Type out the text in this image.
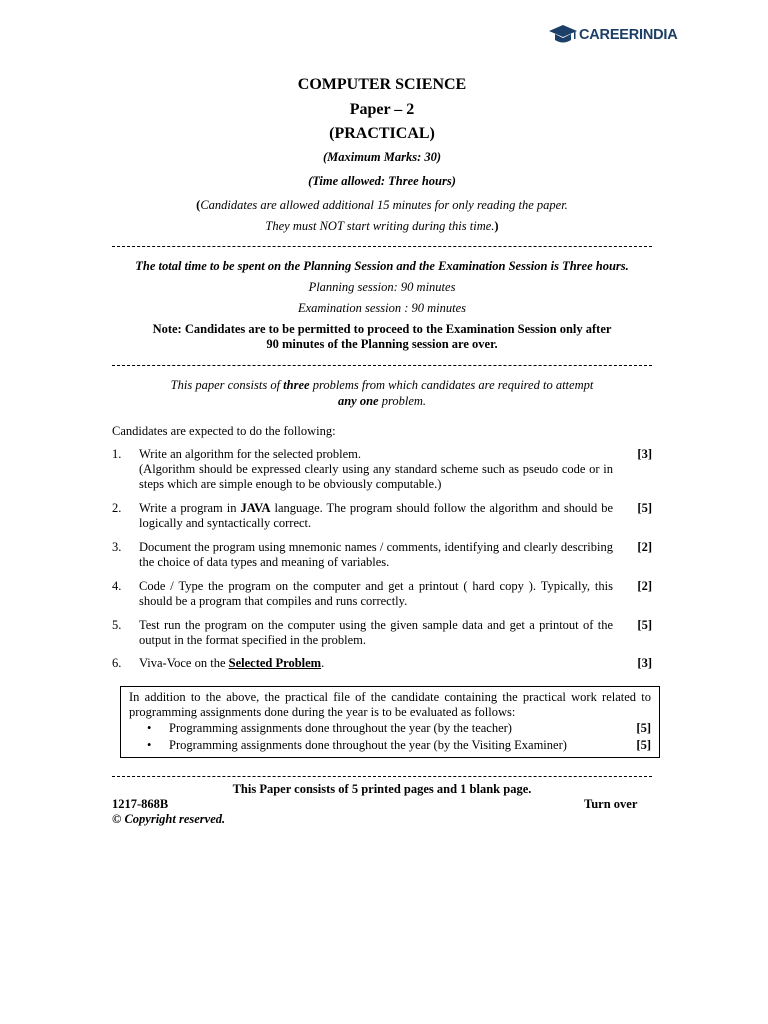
CAREERINDIA
COMPUTER SCIENCE
Paper – 2
(PRACTICAL)
(Maximum Marks: 30)
(Time allowed: Three hours)
(Candidates are allowed additional 15 minutes for only reading the paper.
They must NOT start writing during this time.)
The total time to be spent on the Planning Session and the Examination Session is Three hours.
Planning session: 90 minutes
Examination session : 90 minutes
Note: Candidates are to be permitted to proceed to the Examination Session only after
90 minutes of the Planning session are over.
This paper consists of three problems from which candidates are required to attempt
any one problem.
Candidates are expected to do the following:
1. Write an algorithm for the selected problem.
(Algorithm should be expressed clearly using any standard scheme such as pseudo code or in steps which are simple enough to be obviously computable.)
[3]
2. Write a program in JAVA language. The program should follow the algorithm and should be logically and syntactically correct.
[5]
3. Document the program using mnemonic names / comments, identifying and clearly describing the choice of data types and meaning of variables.
[2]
4. Code / Type the program on the computer and get a printout ( hard copy ). Typically, this should be a program that compiles and runs correctly.
[2]
5. Test run the program on the computer using the given sample data and get a printout of the output in the format specified in the problem.
[5]
6. Viva-Voce on the Selected Problem.	[3]
In addition to the above, the practical file of the candidate containing the practical work related to programming assignments done during the year is to be evaluated as follows:
• Programming assignments done throughout the year (by the teacher)	[5]
• Programming assignments done throughout the year (by the Visiting Examiner)	[5]
This Paper consists of 5 printed pages and 1 blank page.
1217-868B	Turn over
© Copyright reserved.
